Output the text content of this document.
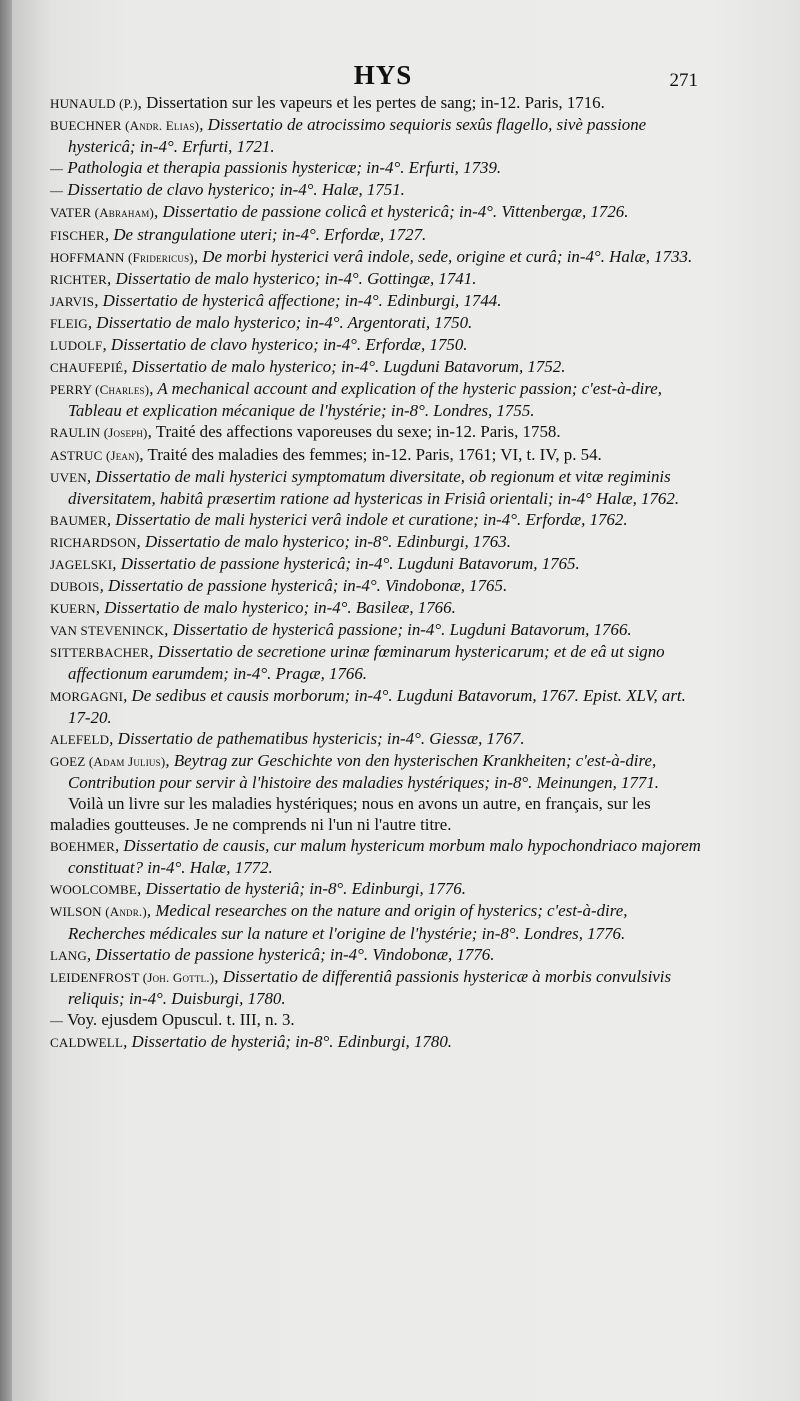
HYS	271
HUNAULD (P.), Dissertation sur les vapeurs et les pertes de sang; in-12. Paris, 1716.
BUECHNER (Andr. Elias), Dissertatio de atrocissimo sequioris sexûs flagello, sivè passione hystericâ; in-4°. Erfurti, 1721.
— Pathologia et therapia passionis hystericæ; in-4°. Erfurti, 1739.
— Dissertatio de clavo hysterico; in-4°. Halæ, 1751.
VATER (Abraham), Dissertatio de passione colicâ et hystericâ; in-4°. Vittenbergæ, 1726.
FISCHER, De strangulatione uteri; in-4°. Erfordæ, 1727.
HOFFMANN (Fridericus), De morbi hysterici verâ indole, sede, origine et curâ; in-4°. Halæ, 1733.
RICHTER, Dissertatio de malo hysterico; in-4°. Gottingæ, 1741.
JARVIS, Dissertatio de hystericâ affectione; in-4°. Edinburgi, 1744.
FLEIG, Dissertatio de malo hysterico; in-4°. Argentorati, 1750.
LUDOLF, Dissertatio de clavo hysterico; in-4°. Erfordæ, 1750.
CHAUFEPIÉ, Dissertatio de malo hysterico; in-4°. Lugduni Batavorum, 1752.
PERRY (Charles), A mechanical account and explication of the hysteric passion; c'est-à-dire, Tableau et explication mécanique de l'hystérie; in-8°. Londres, 1755.
RAULIN (Joseph), Traité des affections vaporeuses du sexe; in-12. Paris, 1758.
ASTRUC (Jean), Traité des maladies des femmes; in-12. Paris, 1761; VI, t. IV, p. 54.
UVEN, Dissertatio de mali hysterici symptomatum diversitate, ob regionum et vitæ regiminis diversitatem, habitâ præsertim ratione ad hystericas in Frisiâ orientali; in-4° Halæ, 1762.
BAUMER, Dissertatio de mali hysterici verâ indole et curatione; in-4°. Erfordæ, 1762.
RICHARDSON, Dissertatio de malo hysterico; in-8°. Edinburgi, 1763.
JAGELSKI, Dissertatio de passione hystericâ; in-4°. Lugduni Batavorum, 1765.
DUBOIS, Dissertatio de passione hystericâ; in-4°. Vindobonæ, 1765.
KUERN, Dissertatio de malo hysterico; in-4°. Basileæ, 1766.
VAN STEVENINCK, Dissertatio de hystericâ passione; in-4°. Lugduni Batavorum, 1766.
SITTERBACHER, Dissertatio de secretione urinæ fœminarum hystericarum; et de eâ ut signo affectionum earumdem; in-4°. Pragæ, 1766.
MORGAGNI, De sedibus et causis morborum; in-4°. Lugduni Batavorum, 1767. Epist. XLV, art. 17-20.
ALEFELD, Dissertatio de pathematibus hystericis; in-4°. Giessæ, 1767.
GOEZ (Adam Julius), Beytrag zur Geschichte von den hysterischen Krankheiten; c'est-à-dire, Contribution pour servir à l'histoire des maladies hystériques; in-8°. Meinungen, 1771.
Voilà un livre sur les maladies hystériques; nous en avons un autre, en français, sur les maladies goutteuses. Je ne comprends ni l'un ni l'autre titre.
BOEHMER, Dissertatio de causis, cur malum hystericum morbum malo hypochondriaco majorem constituat? in-4°. Halæ, 1772.
WOOLCOMBE, Dissertatio de hysteriâ; in-8°. Edinburgi, 1776.
WILSON (Andr.), Medical researches on the nature and origin of hysterics; c'est-à-dire, Recherches médicales sur la nature et l'origine de l'hystérie; in-8°. Londres, 1776.
LANG, Dissertatio de passione hystericâ; in-4°. Vindobonæ, 1776.
LEIDENFROST (Joh. Gottl.), Dissertatio de differentiâ passionis hystericæ à morbis convulsivis reliquis; in-4°. Duisburgi, 1780.
— Voy. ejusdem Opuscul. t. III, n. 3.
CALDWELL, Dissertatio de hysteriâ; in-8°. Edinburgi, 1780.
